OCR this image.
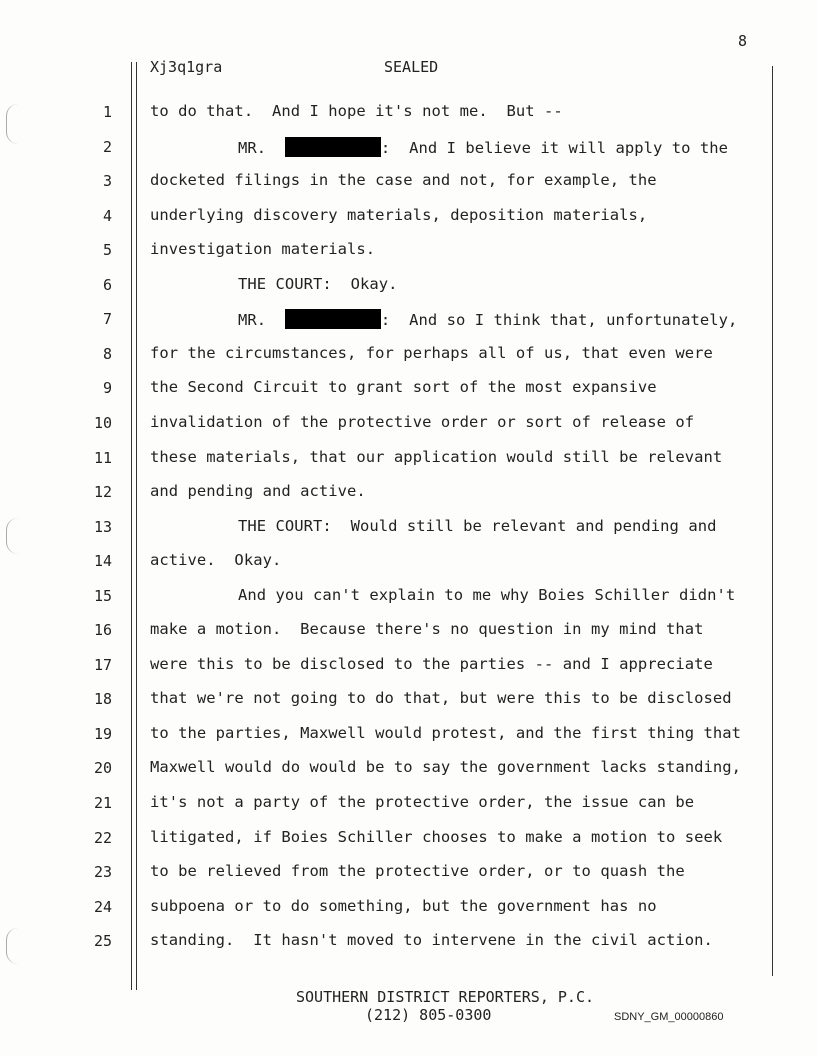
8
Xj3q1gra	SEALED
1 to do that.  And I hope it's not me.  But --
2	MR.	:  And I believe it will apply to the
3 docketed filings in the case and not, for example, the
4 underlying discovery materials, deposition materials,
5 investigation materials.
6	THE COURT:  Okay.
7	MR.	:  And so I think that, unfortunately,
8 for the circumstances, for perhaps all of us, that even were
9 the Second Circuit to grant sort of the most expansive
10 invalidation of the protective order or sort of release of
11 these materials, that our application would still be relevant
12 and pending and active.
13	THE COURT:  Would still be relevant and pending and
14 active.  Okay.
15	And you can't explain to me why Boies Schiller didn't
16 make a motion.  Because there's no question in my mind that
17 were this to be disclosed to the parties -- and I appreciate
18 that we're not going to do that, but were this to be disclosed
19 to the parties, Maxwell would protest, and the first thing that
20 Maxwell would do would be to say the government lacks standing,
21 it's not a party of the protective order, the issue can be
22 litigated, if Boies Schiller chooses to make a motion to seek
23 to be relieved from the protective order, or to quash the
24 subpoena or to do something, but the government has no
25 standing.  It hasn't moved to intervene in the civil action.
SOUTHERN DISTRICT REPORTERS, P.C.
(212) 805-0300	SDNY_GM_00000860
